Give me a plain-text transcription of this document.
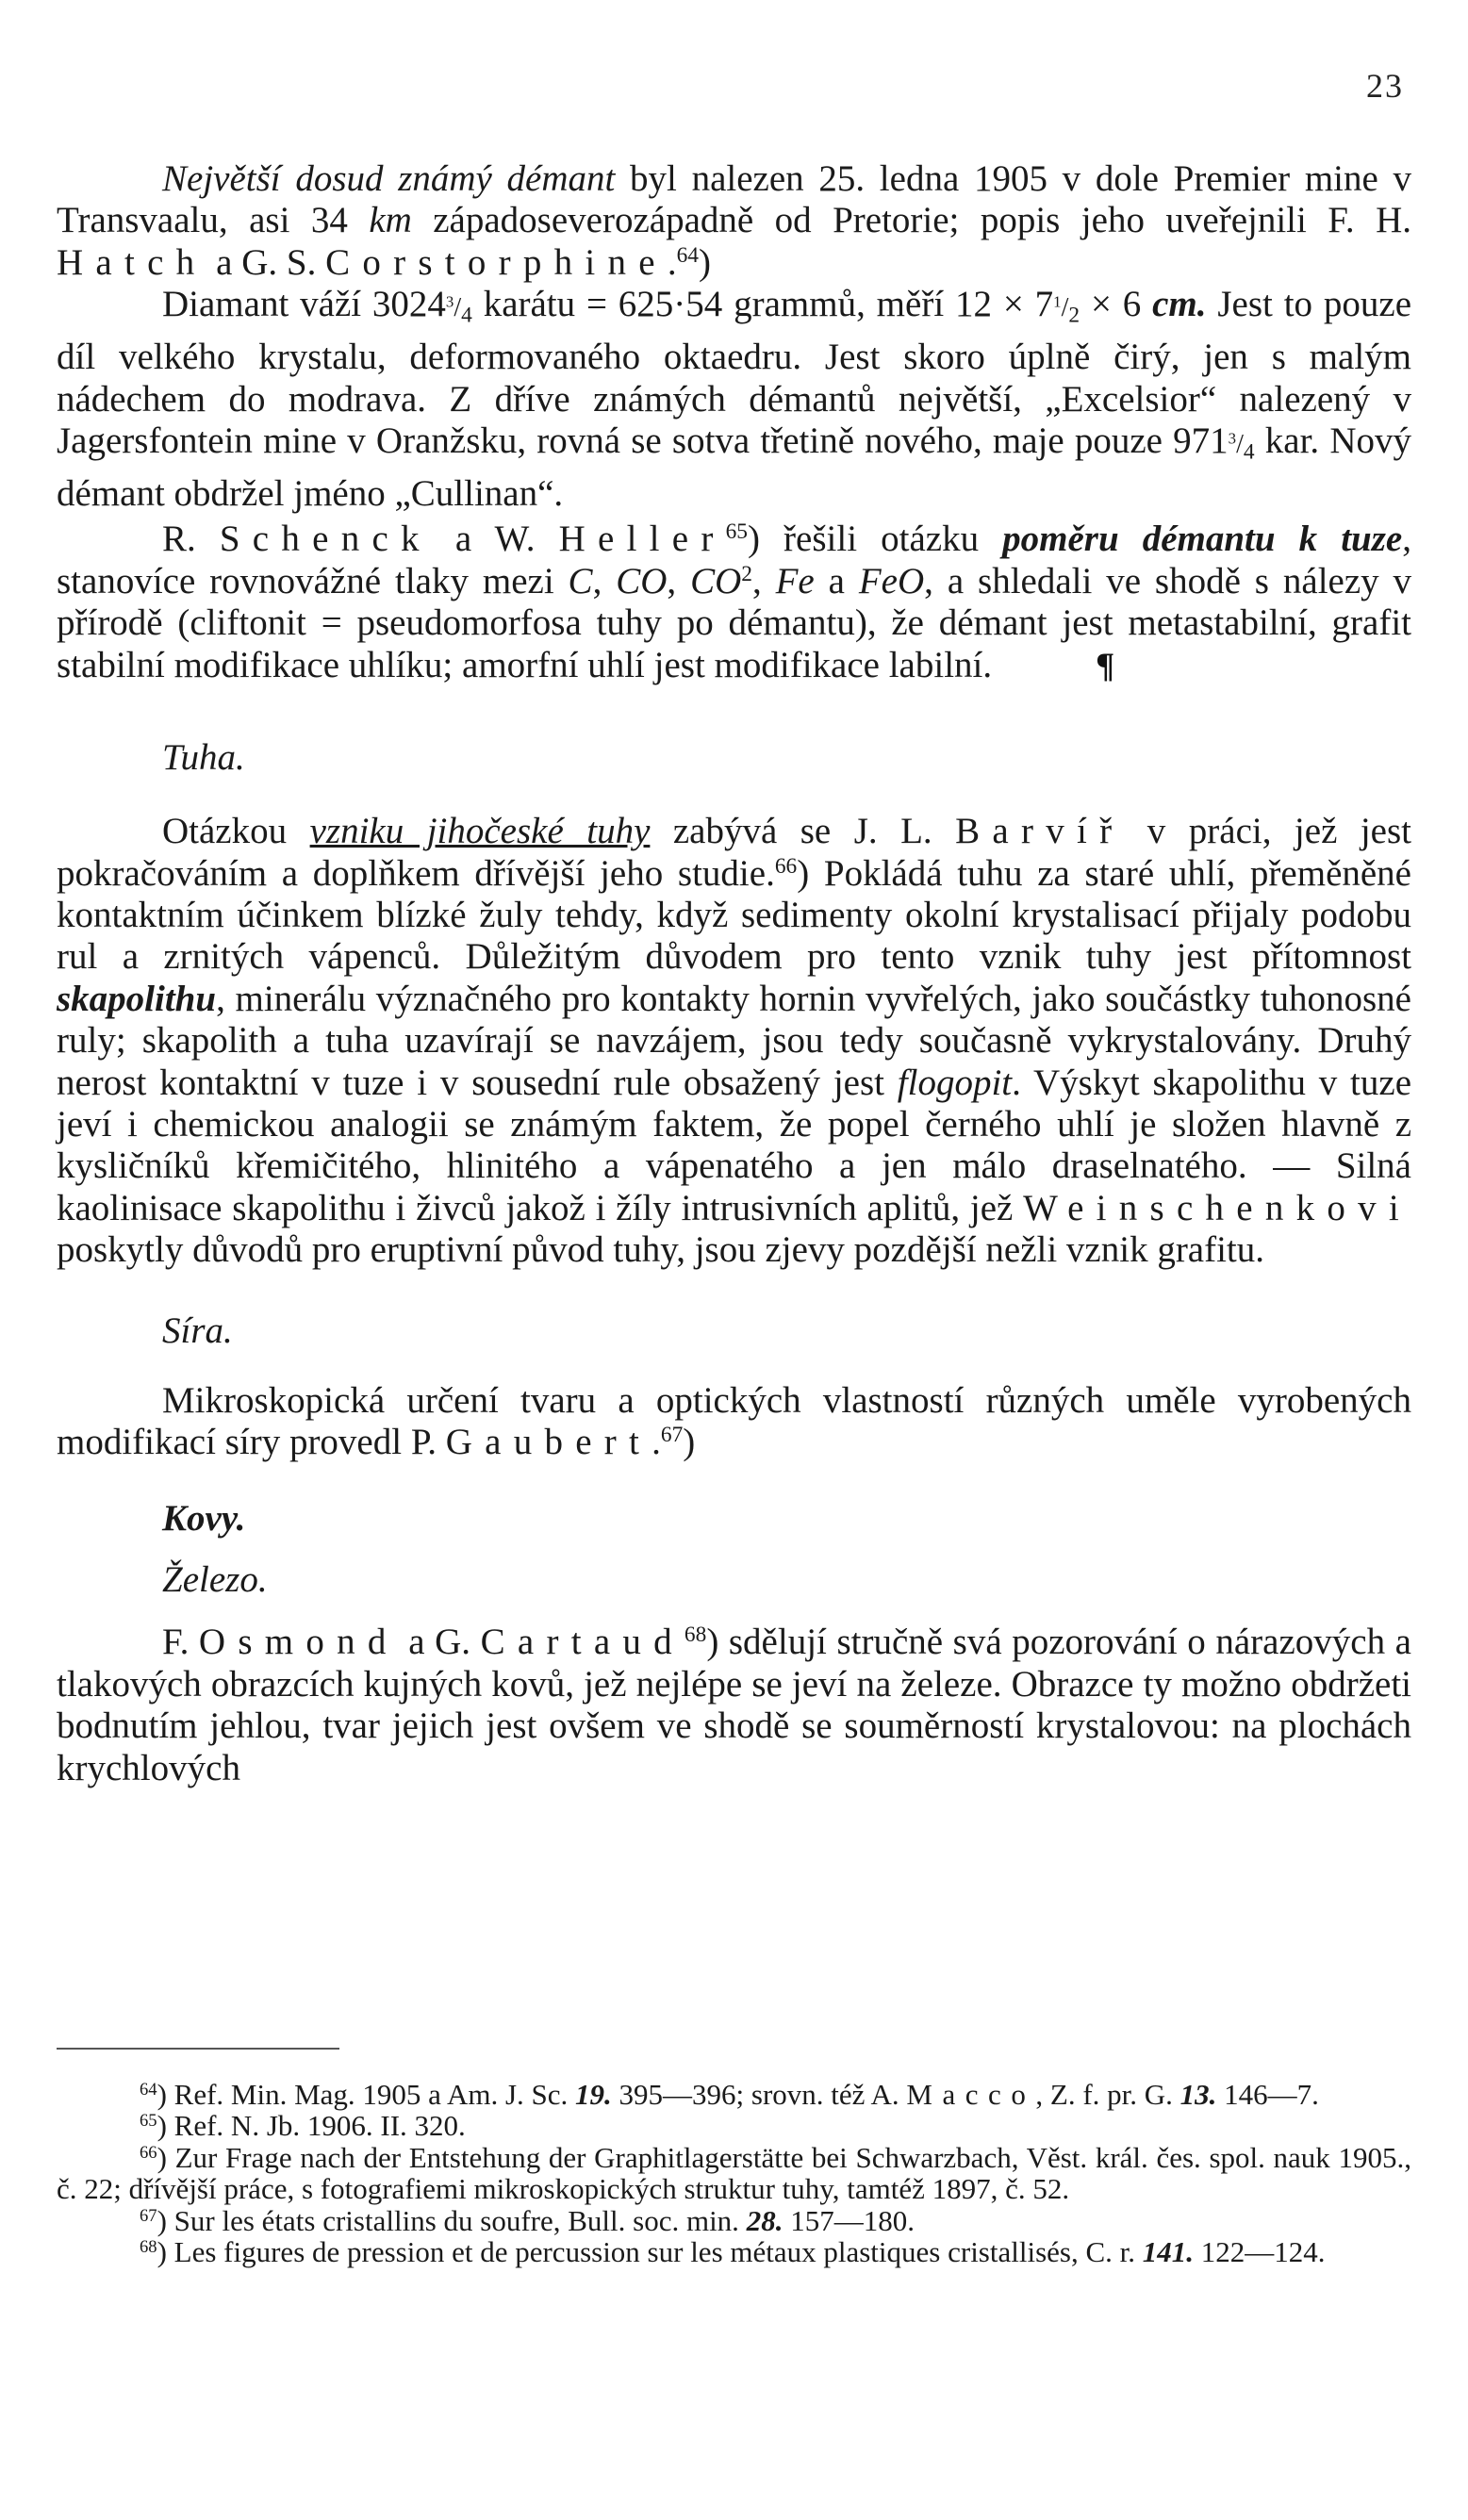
23

Největší dosud známý démant byl nalezen 25. ledna 1905 v dole Premier mine v Transvaalu, asi 34 km západoseverozápadně od Pretorie; popis jeho uveřejnili F. H. Hatch a G. S. Corstorphine.$^{64}$)

Diamant váží $3024^3/_4$ karátu = 625·54 grammů, měří $12 \times 7^1/_2 \times 6$ cm. Jest to pouze díl velkého krystalu, deformovaného oktaedru. Jest skoro úplně čirý, jen s malým nádechem do modrava. Z dříve známých démantů největší, „Excelsior“ nalezený v Jagersfontein mine v Oranžsku, rovná se sotva třetině nového, maje pouze $971^3/_4$ kar. Nový démant obdržel jméno „Cullinan“.

R. Schenck a W. Heller$^{65}$) řešili otázku poměru démantu k tuze, stanovíce rovnovážné tlaky mezi C, CO, $CO^2$, Fe a FeO, a shledali ve shodě s nálezy v přírodě (cliftonit = pseudomorfosa tuhy po démantu), že démant jest metastabilní, grafit stabilní modifikace uhlíku; amorfní uhlí jest modifikace labilní.	¶

Tuha.

Otázkou vzniku jihočeské tuhy zabývá se J. L. Barvíř v práci, jež jest pokračováním a doplňkem dřívější jeho studie.$^{66}$) Pokládá tuhu za staré uhlí, přeměněné kontaktním účinkem blízké žuly tehdy, když sedimenty okolní krystalisací přijaly podobu rul a zrnitých vápenců. Důležitým důvodem pro tento vznik tuhy jest přítomnost skapolithu, minerálu význačného pro kontakty hornin vyvřelých, jako součástky tuhonosné ruly; skapolith a tuha uzavírají se navzájem, jsou tedy současně vykrystalovány. Druhý nerost kontaktní v tuze i v sousední rule obsažený jest flogopit. Výskyt skapolithu v tuze jeví i chemickou analogii se známým faktem, že popel černého uhlí je složen hlavně z kysličníků křemičitého, hlinitého a vápenatého a jen málo draselnatého. — Silná kaolinisace skapolithu i živců jakož i žíly intrusivních aplitů, jež Weinschenkovi poskytly důvodů pro eruptivní původ tuhy, jsou zjevy pozdější nežli vznik grafitu.

Síra.

Mikroskopická určení tvaru a optických vlastností různých uměle vyrobených modifikací síry provedl P. Gaubert.$^{67}$)

Kovy.

Železo.

F. Osmond a G. Cartaud$^{68}$) sdělují stručně svá pozorování o nárazových a tlakových obrazcích kujných kovů, jež nejlépe se jeví na železe. Obrazce ty možno obdržeti bodnutím jehlou, tvar jejich jest ovšem ve shodě se souměrností krystalovou: na plochách krychlových

$^{64}$) Ref. Min. Mag. 1905 a Am. J. Sc. 19. 395—396; srovn. též A. Macco, Z. f. pr. G. 13. 146—7.

$^{65}$) Ref. N. Jb. 1906. II. 320.

$^{66}$) Zur Frage nach der Entstehung der Graphitlagerstätte bei Schwarzbach, Věst. král. čes. spol. nauk 1905., č. 22; dřívější práce, s fotografiemi mikroskopických struktur tuhy, tamtéž 1897, č. 52.

$^{67}$) Sur les états cristallins du soufre, Bull. soc. min. 28. 157—180.

$^{68}$) Les figures de pression et de percussion sur les métaux plastiques cristallisés, C. r. 141. 122—124.
